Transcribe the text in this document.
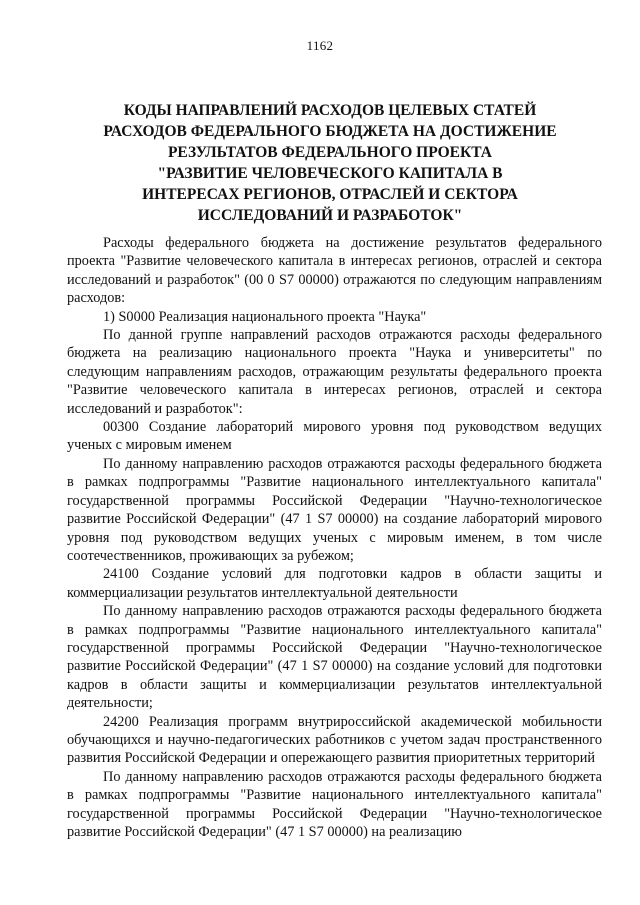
1162
КОДЫ НАПРАВЛЕНИЙ РАСХОДОВ ЦЕЛЕВЫХ СТАТЕЙ
РАСХОДОВ ФЕДЕРАЛЬНОГО БЮДЖЕТА НА ДОСТИЖЕНИЕ
РЕЗУЛЬТАТОВ ФЕДЕРАЛЬНОГО ПРОЕКТА
"РАЗВИТИЕ ЧЕЛОВЕЧЕСКОГО КАПИТАЛА В
ИНТЕРЕСАХ РЕГИОНОВ, ОТРАСЛЕЙ И СЕКТОРА
ИССЛЕДОВАНИЙ И РАЗРАБОТОК"

Расходы федерального бюджета на достижение результатов федерального проекта "Развитие человеческого капитала в интересах регионов, отраслей и сектора исследований и разработок" (00 0 S7 00000) отражаются по следующим направлениям расходов:

1) S0000 Реализация национального проекта "Наука"

По данной группе направлений расходов отражаются расходы федерального бюджета на реализацию национального проекта "Наука и университеты" по следующим направлениям расходов, отражающим результаты федерального проекта "Развитие человеческого капитала в интересах регионов, отраслей и сектора исследований и разработок":

00300 Создание лабораторий мирового уровня под руководством ведущих ученых с мировым именем

По данному направлению расходов отражаются расходы федерального бюджета в рамках подпрограммы "Развитие национального интеллектуального капитала" государственной программы Российской Федерации "Научно-технологическое развитие Российской Федерации" (47 1 S7 00000) на создание лабораторий мирового уровня под руководством ведущих ученых с мировым именем, в том числе соотечественников, проживающих за рубежом;

24100 Создание условий для подготовки кадров в области защиты и коммерциализации результатов интеллектуальной деятельности

По данному направлению расходов отражаются расходы федерального бюджета в рамках подпрограммы "Развитие национального интеллектуального капитала" государственной программы Российской Федерации "Научно-технологическое развитие Российской Федерации" (47 1 S7 00000) на создание условий для подготовки кадров в области защиты и коммерциализации результатов интеллектуальной деятельности;

24200 Реализация программ внутрироссийской академической мобильности обучающихся и научно-педагогических работников с учетом задач пространственного развития Российской Федерации и опережающего развития приоритетных территорий

По данному направлению расходов отражаются расходы федерального бюджета в рамках подпрограммы "Развитие национального интеллектуального капитала" государственной программы Российской Федерации "Научно-технологическое развитие Российской Федерации" (47 1 S7 00000) на реализацию
